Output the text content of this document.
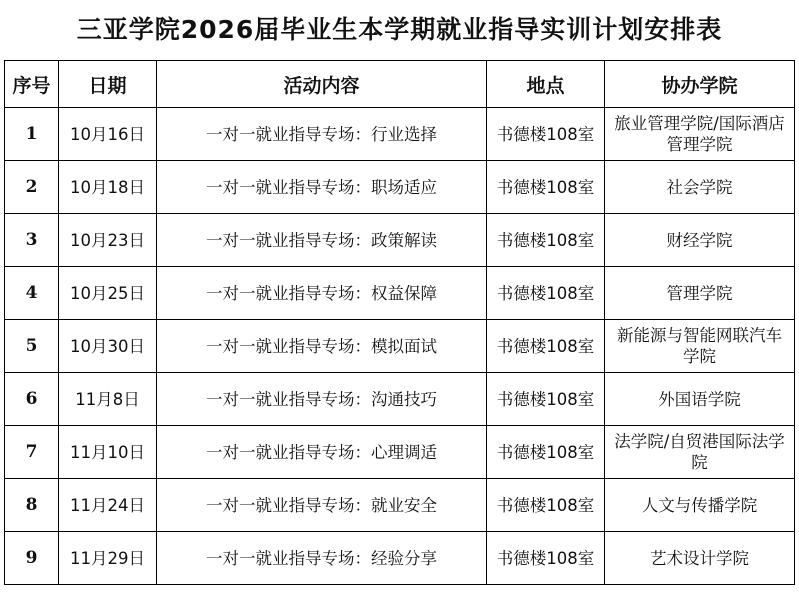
三亚学院2026届毕业生本学期就业指导实训计划安排表
序号	日期	活动内容	地点	协办学院
1	10月16日	一对一就业指导专场：行业选择	书德楼108室	旅业管理学院/国际酒店管理学院
2	10月18日	一对一就业指导专场：职场适应	书德楼108室	社会学院
3	10月23日	一对一就业指导专场：政策解读	书德楼108室	财经学院
4	10月25日	一对一就业指导专场：权益保障	书德楼108室	管理学院
5	10月30日	一对一就业指导专场：模拟面试	书德楼108室	新能源与智能网联汽车学院
6	11月8日	一对一就业指导专场：沟通技巧	书德楼108室	外国语学院
7	11月10日	一对一就业指导专场：心理调适	书德楼108室	法学院/自贸港国际法学院
8	11月24日	一对一就业指导专场：就业安全	书德楼108室	人文与传播学院
9	11月29日	一对一就业指导专场：经验分享	书德楼108室	艺术设计学院
